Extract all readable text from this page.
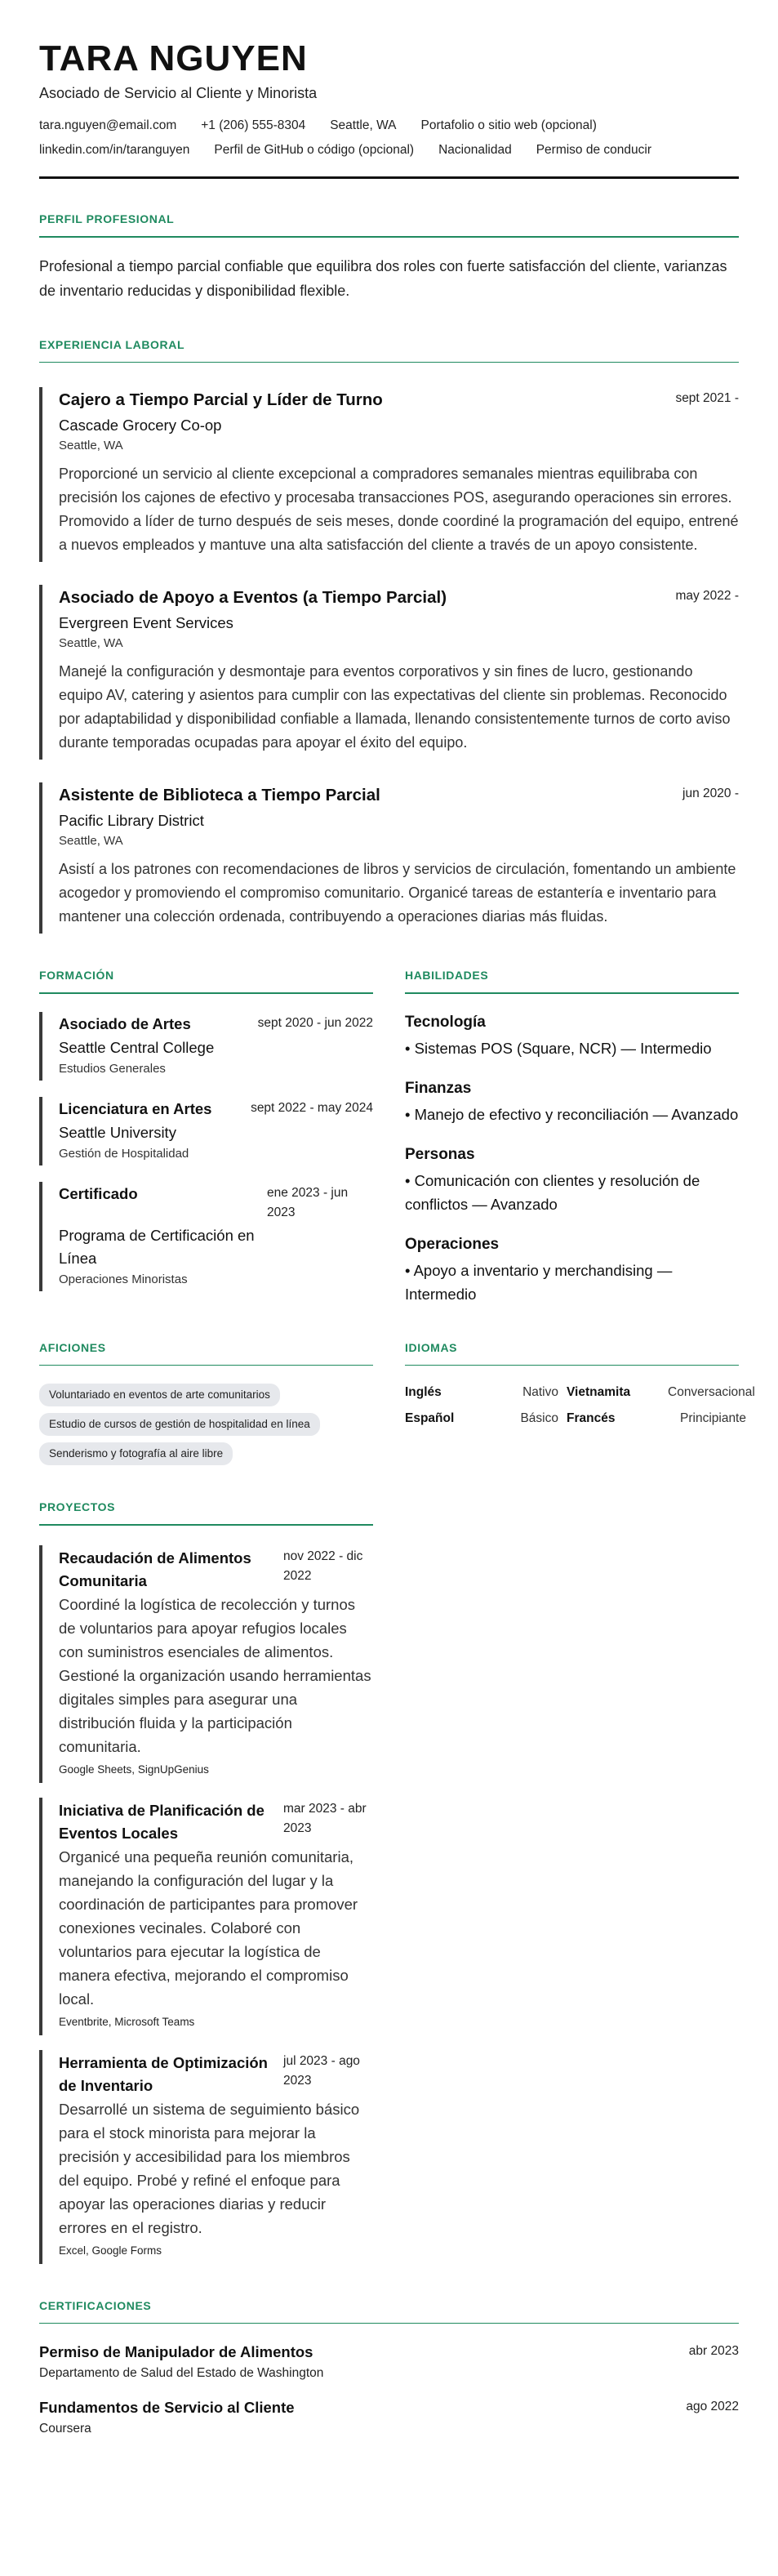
TARA NGUYEN
Asociado de Servicio al Cliente y Minorista
tara.nguyen@email.com +1 (206) 555-8304 Seattle, WA Portafolio o sitio web (opcional)
linkedin.com/in/taranguyen Perfil de GitHub o código (opcional) Nacionalidad Permiso de conducir
PERFIL PROFESIONAL

Profesional a tiempo parcial confiable que equilibra dos roles con fuerte satisfacción del cliente, varianzas de inventario reducidas y disponibilidad flexible.

EXPERIENCIA LABORAL
Cajero a Tiempo Parcial y Líder de Turno	sept 2021 -
Cascade Grocery Co-op
Seattle, WA

Proporcioné un servicio al cliente excepcional a compradores semanales mientras equilibraba con precisión los cajones de efectivo y procesaba transacciones POS, asegurando operaciones sin errores. Promovido a líder de turno después de seis meses, donde coordiné la programación del equipo, entrené a nuevos empleados y mantuve una alta satisfacción del cliente a través de un apoyo consistente.

Asociado de Apoyo a Eventos (a Tiempo Parcial)	may 2022 -
Evergreen Event Services
Seattle, WA

Manejé la configuración y desmontaje para eventos corporativos y sin fines de lucro, gestionando equipo AV, catering y asientos para cumplir con las expectativas del cliente sin problemas. Reconocido por adaptabilidad y disponibilidad confiable a llamada, llenando consistentemente turnos de corto aviso durante temporadas ocupadas para apoyar el éxito del equipo.

Asistente de Biblioteca a Tiempo Parcial	jun 2020 -
Pacific Library District
Seattle, WA

Asistí a los patrones con recomendaciones de libros y servicios de circulación, fomentando un ambiente acogedor y promoviendo el compromiso comunitario. Organicé tareas de estantería e inventario para mantener una colección ordenada, contribuyendo a operaciones diarias más fluidas.

FORMACIÓN
Asociado de Artes	sept 2020 - jun 2022
Seattle Central College
Estudios Generales
Licenciatura en Artes	sept 2022 - may 2024
Seattle University
Gestión de Hospitalidad
Certificado	ene 2023 - jun 2023
Programa de Certificación en Línea
Operaciones Minoristas
HABILIDADES
Tecnología
• Sistemas POS (Square, NCR) — Intermedio
Finanzas
• Manejo de efectivo y reconciliación — Avanzado
Personas
• Comunicación con clientes y resolución de conflictos — Avanzado
Operaciones
• Apoyo a inventario y merchandising — Intermedio
AFICIONES
Voluntariado en eventos de arte comunitarios
Estudio de cursos de gestión de hospitalidad en línea
Senderismo y fotografía al aire libre
IDIOMAS
Inglés	Nativo Vietnamita	Conversacional
Español	Básico Francés	Principiante
PROYECTOS
Recaudación de Alimentos Comunitaria
nov 2022 - dic 2022

Coordiné la logística de recolección y turnos de voluntarios para apoyar refugios locales con suministros esenciales de alimentos. Gestioné la organización usando herramientas digitales simples para asegurar una distribución fluida y la participación comunitaria.

Google Sheets, SignUpGenius
Iniciativa de Planificación de Eventos Locales
mar 2023 - abr 2023

Organicé una pequeña reunión comunitaria, manejando la configuración del lugar y la coordinación de participantes para promover conexiones vecinales. Colaboré con voluntarios para ejecutar la logística de manera efectiva, mejorando el compromiso local.

Eventbrite, Microsoft Teams
Herramienta de Optimización de Inventario
jul 2023 - ago 2023

Desarrollé un sistema de seguimiento básico para el stock minorista para mejorar la precisión y accesibilidad para los miembros del equipo. Probé y refiné el enfoque para apoyar las operaciones diarias y reducir errores en el registro.

Excel, Google Forms
CERTIFICACIONES
Permiso de Manipulador de Alimentos	abr 2023
Departamento de Salud del Estado de Washington
Fundamentos de Servicio al Cliente	ago 2022
Coursera
